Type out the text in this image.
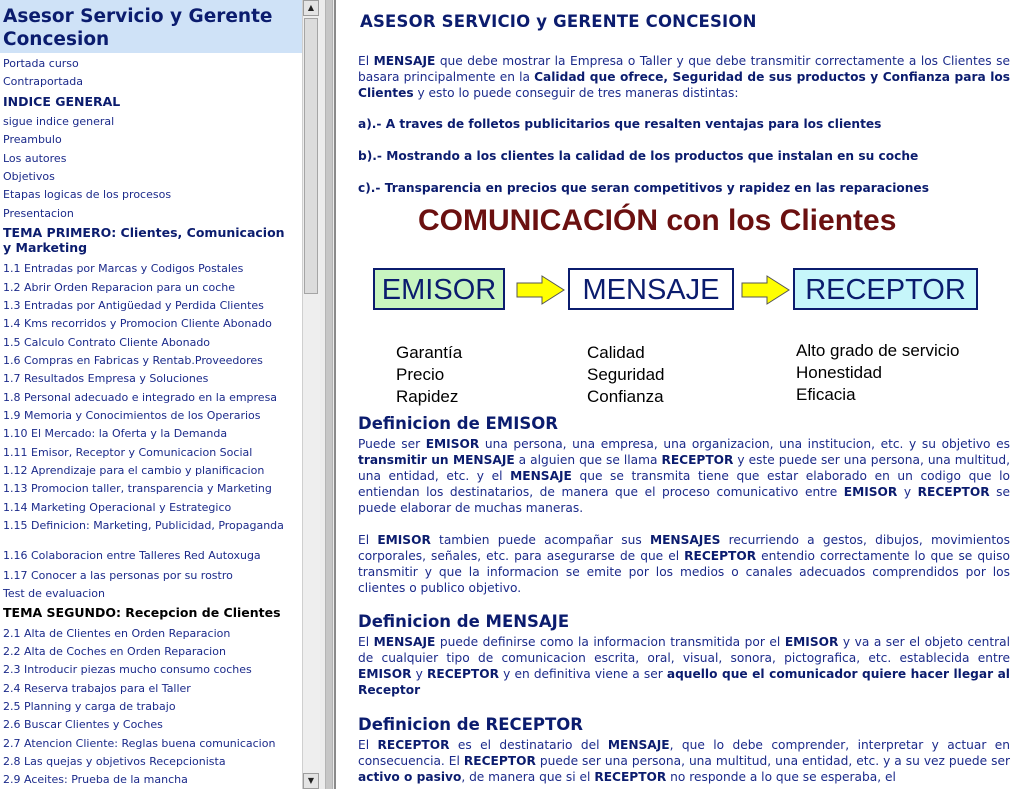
Asesor Servicio y Gerente Concesion
Portada curso
Contraportada
INDICE GENERAL
sigue indice general
Preambulo
Los autores
Objetivos
Etapas logicas de los procesos
Presentacion
TEMA PRIMERO: Clientes, Comunicacion y Marketing
1.1 Entradas por Marcas y Codigos Postales
1.2 Abrir Orden Reparacion para un coche
1.3 Entradas por Antigüedad y Perdida Clientes
1.4 Kms recorridos y Promocion Cliente Abonado
1.5 Calculo Contrato Cliente Abonado
1.6 Compras en Fabricas y Rentab.Proveedores
1.7 Resultados Empresa y Soluciones
1.8 Personal adecuado e integrado en la empresa
1.9 Memoria y Conocimientos de los Operarios
1.10 El Mercado: la Oferta y la Demanda
1.11 Emisor, Receptor y Comunicacion Social
1.12 Aprendizaje para el cambio y planificacion
1.13 Promocion taller, transparencia y Marketing
1.14 Marketing Operacional y Estrategico
1.15 Definicion: Marketing, Publicidad, Propaganda
1.16 Colaboracion entre Talleres Red Autoxuga
1.17 Conocer a las personas por su rostro
Test de evaluacion
TEMA SEGUNDO: Recepcion de Clientes
2.1 Alta de Clientes en Orden Reparacion
2.2 Alta de Coches en Orden Reparacion
2.3 Introducir piezas mucho consumo coches
2.4 Reserva trabajos para el Taller
2.5 Planning y carga de trabajo
2.6 Buscar Clientes y Coches
2.7 Atencion Cliente: Reglas buena comunicacion
2.8 Las quejas y objetivos Recepcionista
2.9 Aceites: Prueba de la mancha
▲
▼
ASESOR SERVICIO y GERENTE CONCESION
El MENSAJE que debe mostrar la Empresa o Taller y que debe transmitir correctamente a los Clientes se basara principalmente en la Calidad que ofrece, Seguridad de sus productos y Confianza para los Clientes y esto lo puede conseguir de tres maneras distintas:
a).- A traves de folletos publicitarios que resalten ventajas para los clientes
b).- Mostrando a los clientes la calidad de los productos que instalan en su coche
c).- Transparencia en precios que seran competitivos y rapidez en las reparaciones
COMUNICACIÓN con los Clientes
EMISOR	MENSAJE	RECEPTOR
Garantía
Precio
Rapidez
Calidad
Seguridad
Confianza
Alto grado de servicio
Honestidad
Eficacia
Definicion de EMISOR
Puede ser EMISOR una persona, una empresa, una organizacion, una institucion, etc. y su objetivo es transmitir un MENSAJE a alguien que se llama RECEPTOR y este puede ser una persona, una multitud, una entidad, etc. y el MENSAJE que se transmita tiene que estar elaborado en un codigo que lo entiendan los destinatarios, de manera que el proceso comunicativo entre EMISOR y RECEPTOR se puede elaborar de muchas maneras.
El EMISOR tambien puede acompañar sus MENSAJES recurriendo a gestos, dibujos, movimientos corporales, señales, etc. para asegurarse de que el RECEPTOR entendio correctamente lo que se quiso transmitir y que la informacion se emite por los medios o canales adecuados comprendidos por los clientes o publico objetivo.
Definicion de MENSAJE
El MENSAJE puede definirse como la informacion transmitida por el EMISOR y va a ser el objeto central de cualquier tipo de comunicacion escrita, oral, visual, sonora, pictografica, etc. establecida entre EMISOR y RECEPTOR y en definitiva viene a ser aquello que el comunicador quiere hacer llegar al Receptor
Definicion de RECEPTOR
El RECEPTOR es el destinatario del MENSAJE, que lo debe comprender, interpretar y actuar en consecuencia. El RECEPTOR puede ser una persona, una multitud, una entidad, etc. y a su vez puede ser activo o pasivo, de manera que si el RECEPTOR no responde a lo que se esperaba, el
